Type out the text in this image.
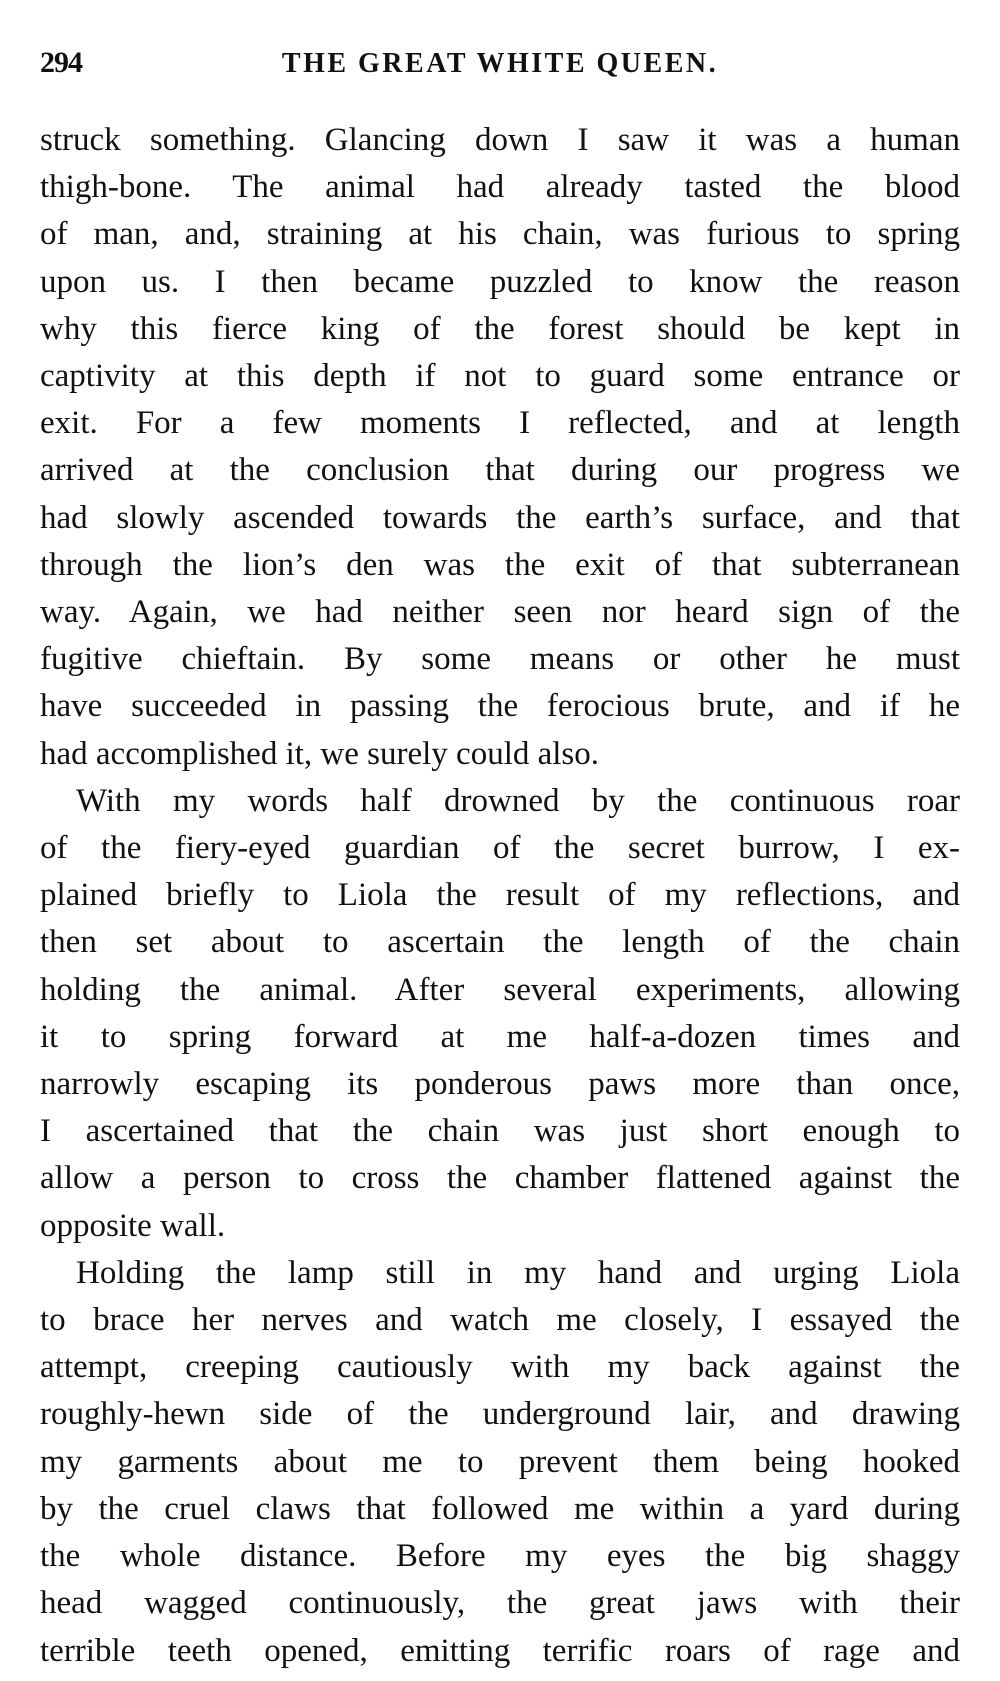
294	THE GREAT WHITE QUEEN.

struck something. Glancing down I saw it was a human
thigh-bone. The animal had already tasted the blood
of man, and, straining at his chain, was furious to spring
upon us. I then became puzzled to know the reason
why this fierce king of the forest should be kept in
captivity at this depth if not to guard some entrance or
exit. For a few moments I reflected, and at length
arrived at the conclusion that during our progress we
had slowly ascended towards the earth’s surface, and that
through the lion’s den was the exit of that subterranean
way. Again, we had neither seen nor heard sign of the
fugitive chieftain. By some means or other he must
have succeeded in passing the ferocious brute, and if he
had accomplished it, we surely could also.

With my words half drowned by the continuous roar
of the fiery-eyed guardian of the secret burrow, I ex-
plained briefly to Liola the result of my reflections, and
then set about to ascertain the length of the chain
holding the animal. After several experiments, allowing
it to spring forward at me half-a-dozen times and
narrowly escaping its ponderous paws more than once,
I ascertained that the chain was just short enough to
allow a person to cross the chamber flattened against the
opposite wall.

Holding the lamp still in my hand and urging Liola
to brace her nerves and watch me closely, I essayed the
attempt, creeping cautiously with my back against the
roughly-hewn side of the underground lair, and drawing
my garments about me to prevent them being hooked
by the cruel claws that followed me within a yard during
the whole distance. Before my eyes the big shaggy
head wagged continuously, the great jaws with their
terrible teeth opened, emitting terrific roars of rage and
